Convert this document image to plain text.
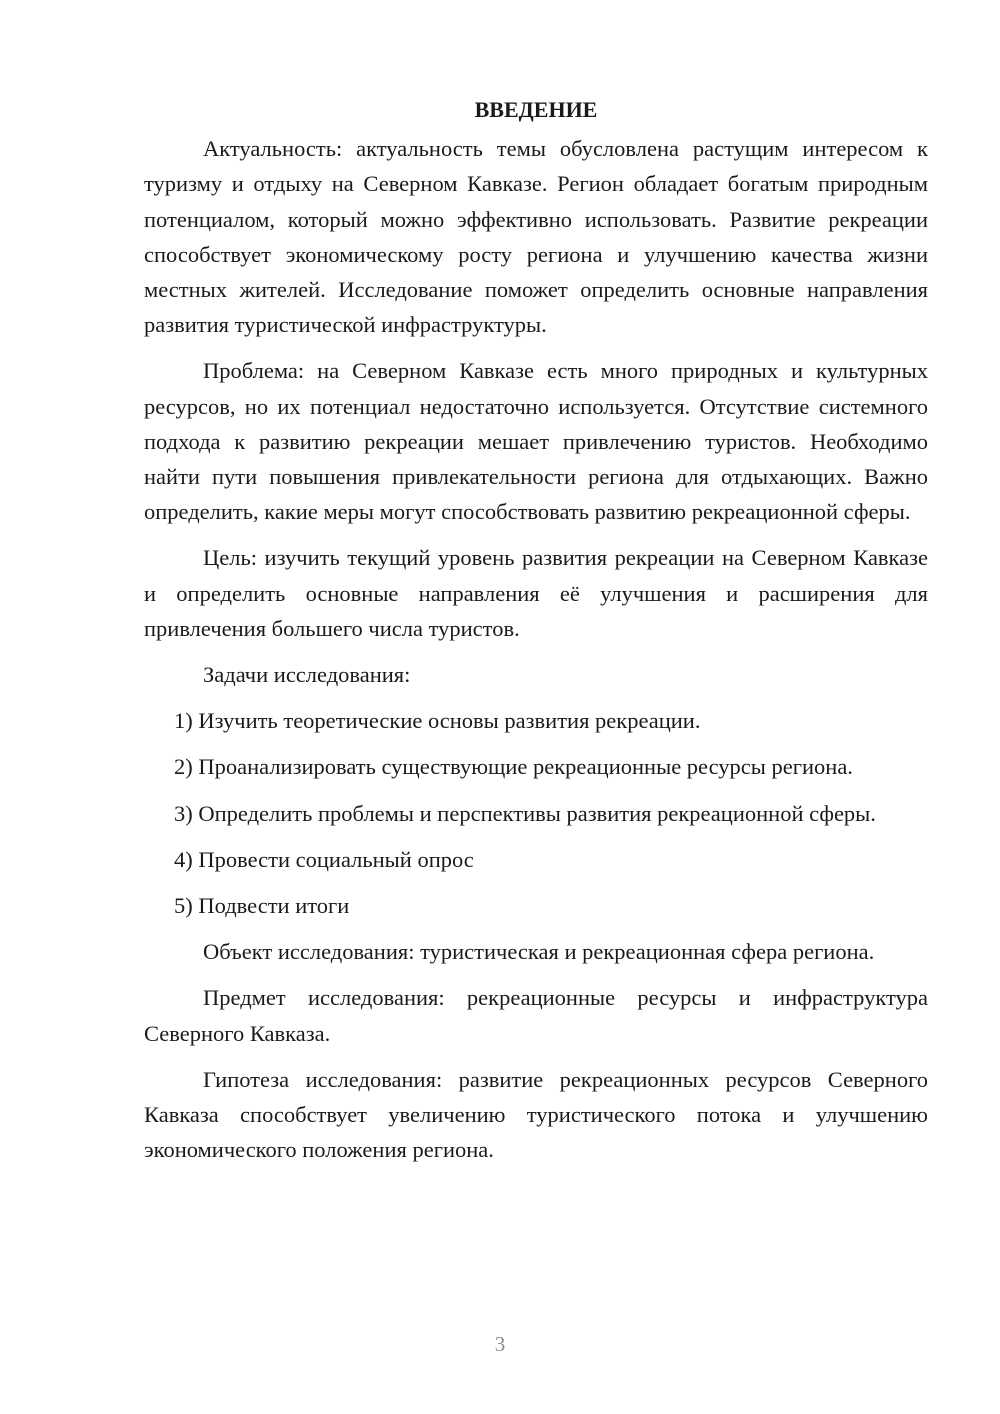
ВВЕДЕНИЕ

Актуальность: актуальность темы обусловлена растущим интересом к туризму и отдыху на Северном Кавказе. Регион обладает богатым природным потенциалом, который можно эффективно использовать. Развитие рекреации способствует экономическому росту региона и улучшению качества жизни местных жителей. Исследование поможет определить основные направления развития туристической инфраструктуры.

Проблема: на Северном Кавказе есть много природных и культурных ресурсов, но их потенциал недостаточно используется. Отсутствие системного подхода к развитию рекреации мешает привлечению туристов. Необходимо найти пути повышения привлекательности региона для отдыхающих. Важно определить, какие меры могут способствовать развитию рекреационной сферы.

Цель: изучить текущий уровень развития рекреации на Северном Кавказе и определить основные направления её улучшения и расширения для привлечения большего числа туристов.

Задачи исследования:

1) Изучить теоретические основы развития рекреации.

2) Проанализировать существующие рекреационные ресурсы региона.

3) Определить проблемы и перспективы развития рекреационной сферы.

4) Провести социальный опрос

5) Подвести итоги

Объект исследования: туристическая и рекреационная сфера региона.

Предмет исследования: рекреационные ресурсы и инфраструктура Северного Кавказа.

Гипотеза исследования: развитие рекреационных ресурсов Северного Кавказа способствует увеличению туристического потока и улучшению экономического положения региона.

3
